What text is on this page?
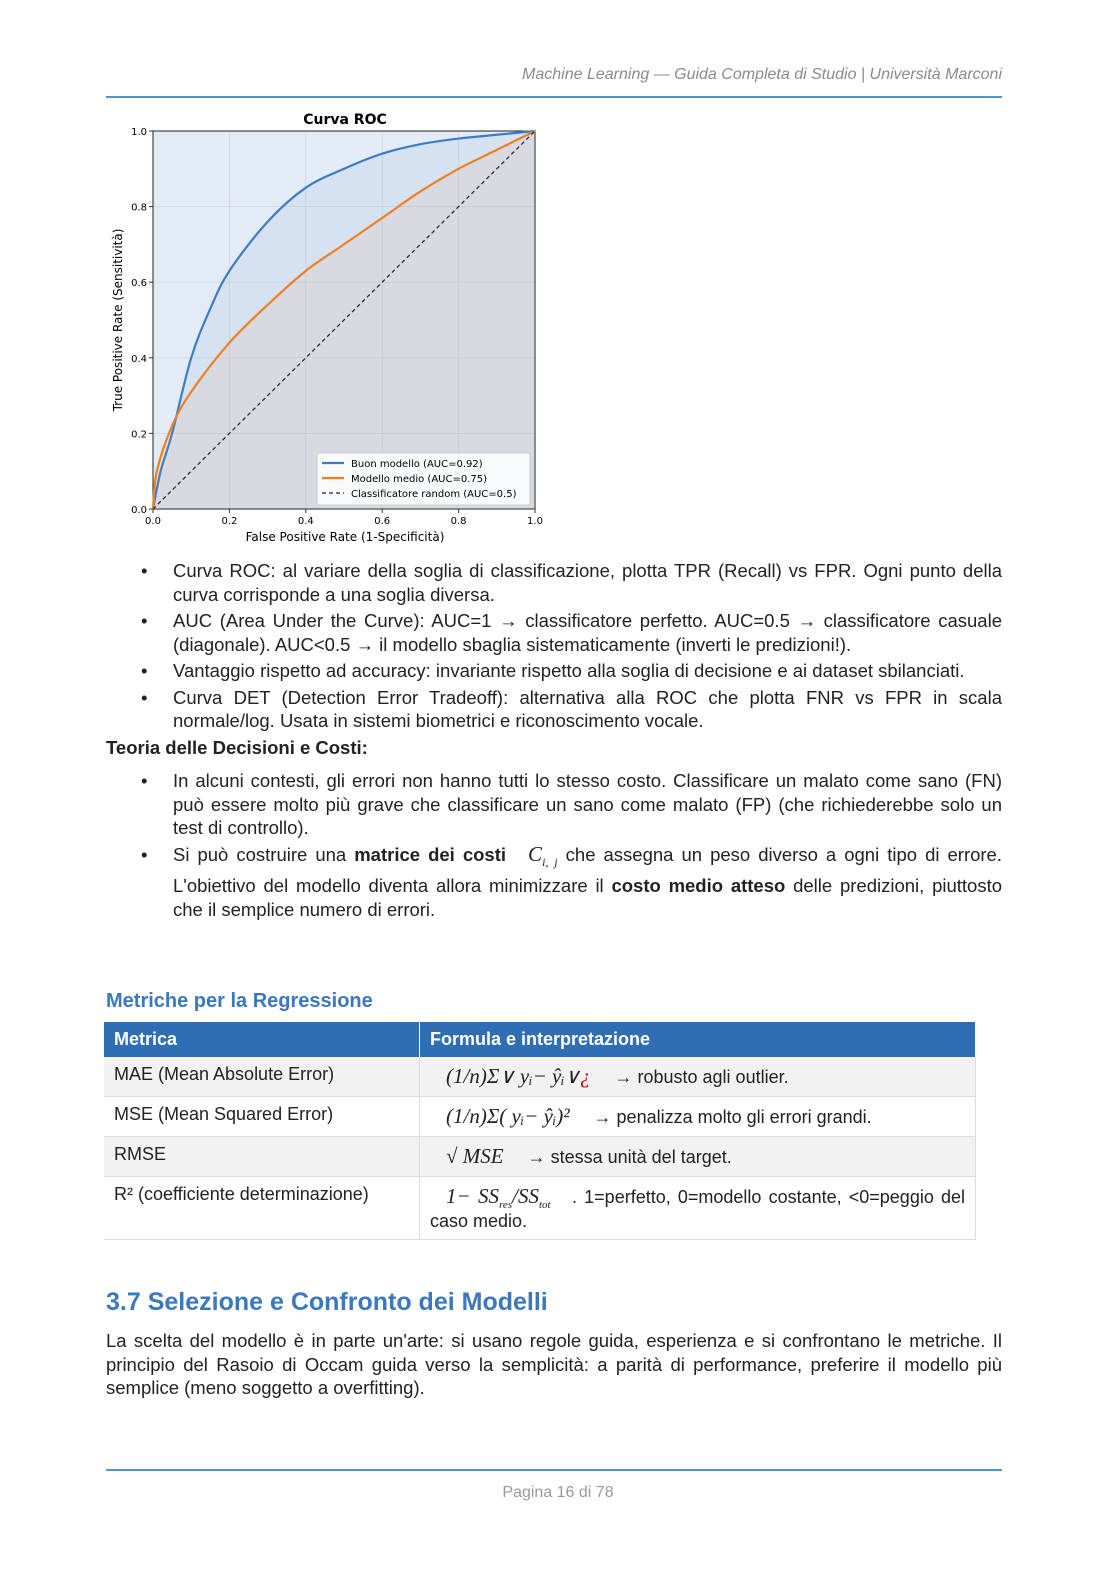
Machine Learning — Guida Completa di Studio | Università Marconi
0.0	0.2	0.4	0.6	0.8	1.0
0.0
0.2
0.4
0.6
0.8
1.0
Curva ROC
False Positive Rate (1-Specificità)
True Positive Rate (Sensitività)
Buon modello (AUC=0.92)
Modello medio (AUC=0.75)
Classificatore random (AUC=0.5)
• Curva ROC: al variare della soglia di classificazione, plotta TPR (Recall) vs FPR. Ogni punto della curva corrisponde a una soglia diversa.
• AUC (Area Under the Curve): AUC=1 → classificatore perfetto. AUC=0.5 → classificatore casuale (diagonale). AUC<0.5 → il modello sbaglia sistematicamente (inverti le predizioni!).
• Vantaggio rispetto ad accuracy: invariante rispetto alla soglia di decisione e ai dataset sbilanciati.
• Curva DET (Detection Error Tradeoff): alternativa alla ROC che plotta FNR vs FPR in scala normale/log. Usata in sistemi biometrici e riconoscimento vocale.
Teoria delle Decisioni e Costi:
• In alcuni contesti, gli errori non hanno tutti lo stesso costo. Classificare un malato come sano (FN) può essere molto più grave che classificare un sano come malato (FP) (che richiederebbe solo un test di controllo).
• Si può costruire una matrice dei costi $C_{i, j}$ che assegna un peso diverso a ogni tipo di errore. L'obiettivo del modello diventa allora minimizzare il costo medio atteso delle predizioni, piuttosto che il semplice numero di errori.
Metriche per la Regressione
Metrica	Formula e interpretazione
MAE (Mean Absolute Error)	(1/n)Σ∨ yᵢ− ŷᵢ∨¿ → robusto agli outlier.
MSE (Mean Squared Error)	(1/n)Σ( yᵢ− ŷᵢ)² → penalizza molto gli errori grandi.
RMSE	√ MSE → stessa unità del target.
R² (coefficiente determinazione)	$1- SS_{res}/SS_{tot}$ . 1=perfetto, 0=modello costante, <0=peggio del caso medio.
3.7 Selezione e Confronto dei Modelli

La scelta del modello è in parte un'arte: si usano regole guida, esperienza e si confrontano le metriche. Il principio del Rasoio di Occam guida verso la semplicità: a parità di performance, preferire il modello più semplice (meno soggetto a overfitting).

Pagina 16 di 78
